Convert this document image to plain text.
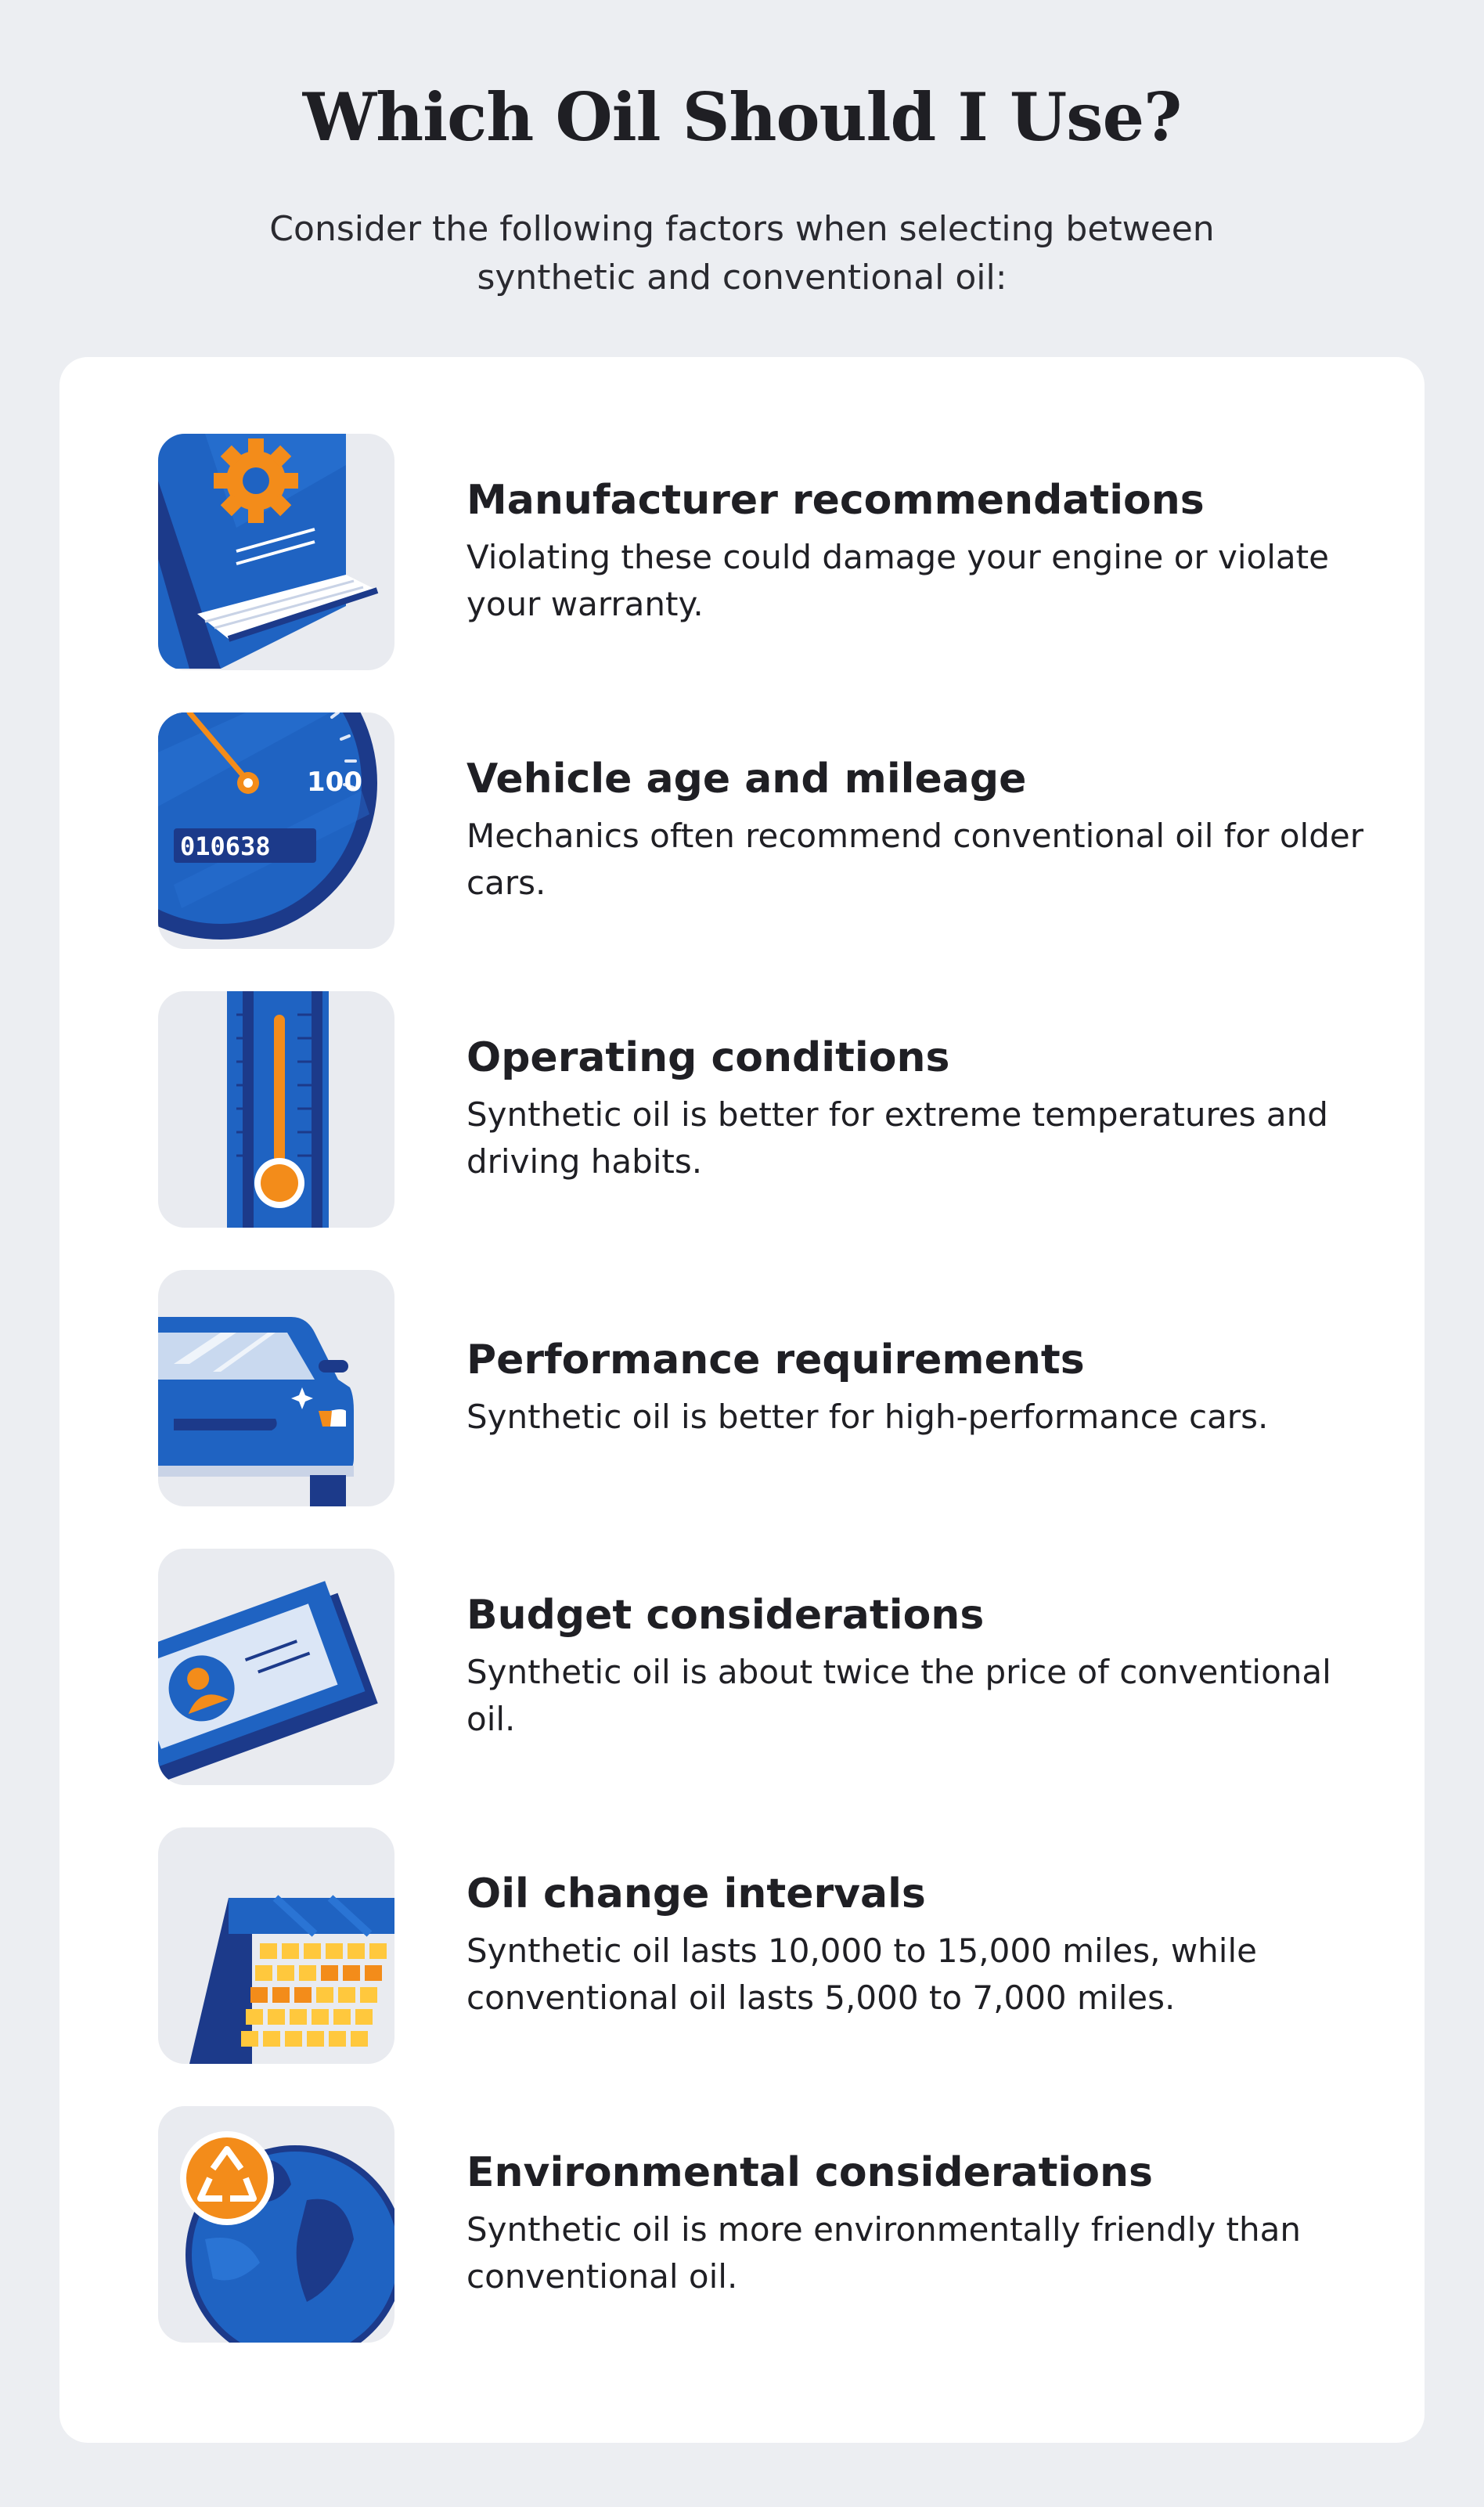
Which Oil Should I Use?
Consider the following factors when selecting between synthetic and conventional oil:
Manufacturer recommendations
Violating these could damage your engine or violate your warranty.
100
010638
Vehicle age and mileage
Mechanics often recommend conventional oil for older cars.
Operating conditions
Synthetic oil is better for extreme temperatures and driving habits.
Performance requirements
Synthetic oil is better for high-performance cars.
Budget considerations
Synthetic oil is about twice the price of conventional oil.
Oil change intervals
Synthetic oil lasts 10,000 to 15,000 miles, while conventional oil lasts 5,000 to 7,000 miles.
Environmental considerations
Synthetic oil is more environmentally friendly than conventional oil.
